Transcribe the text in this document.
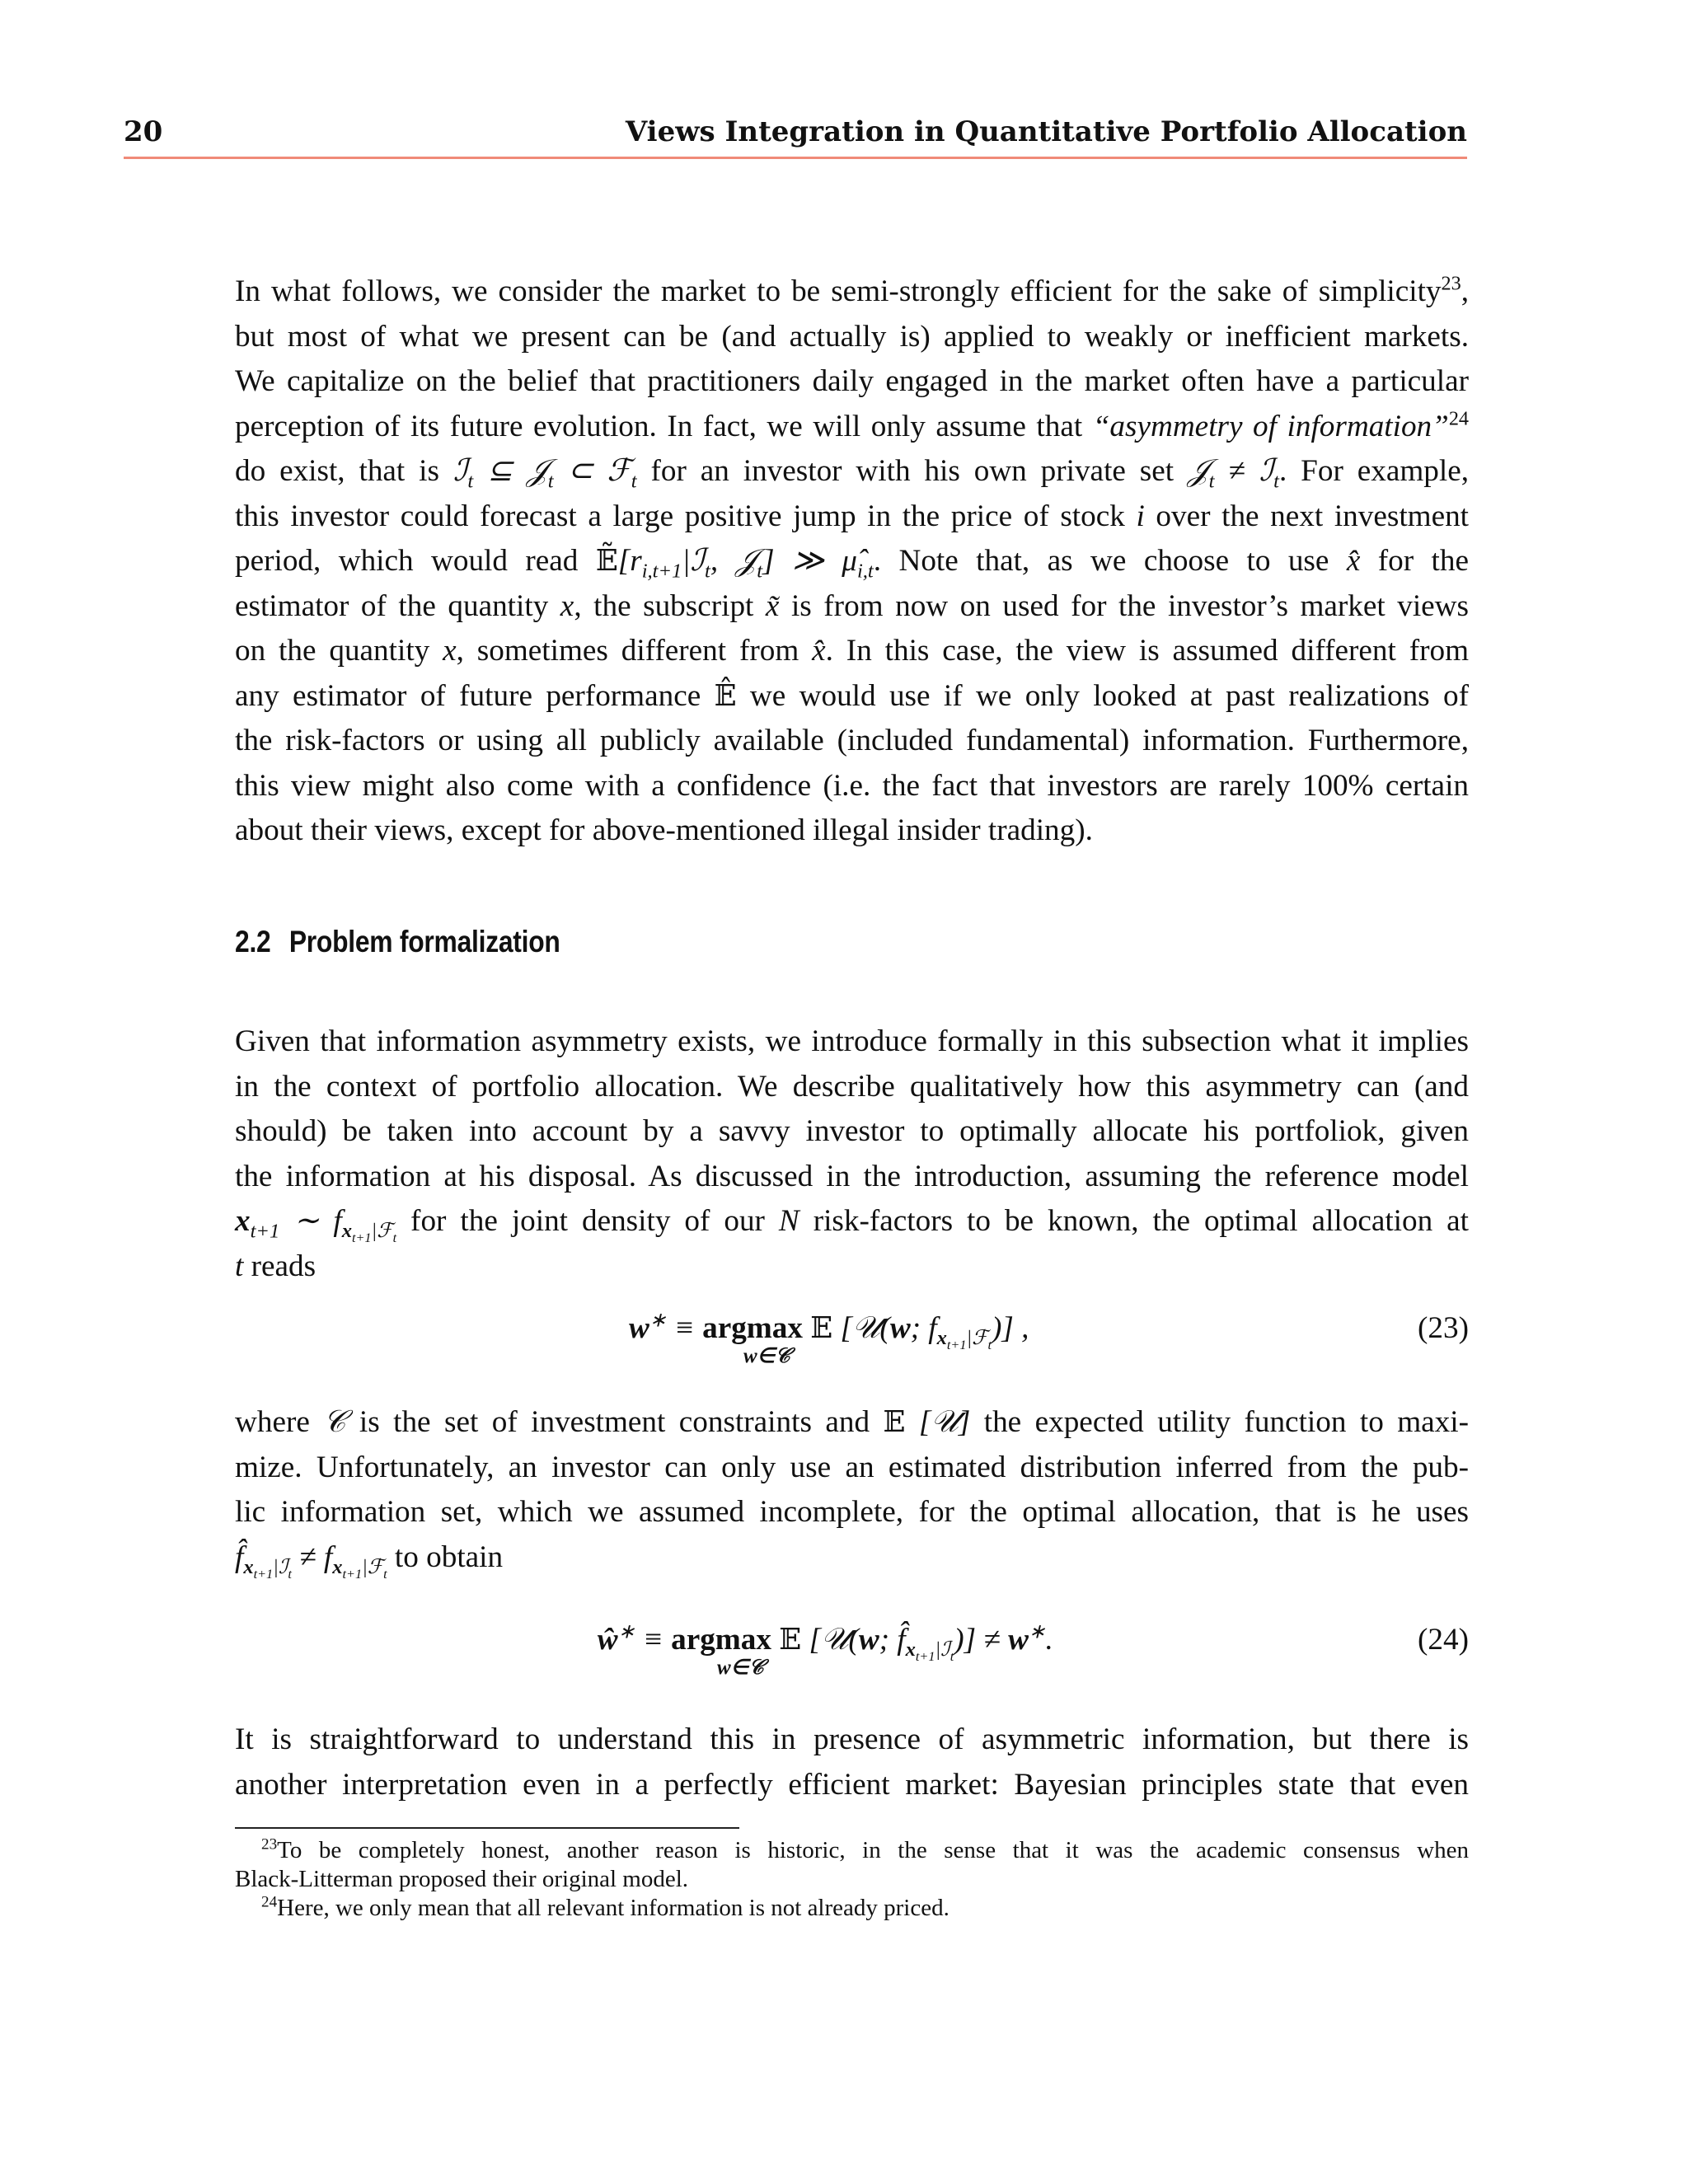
20	Views Integration in Quantitative Portfolio Allocation

In what follows, we consider the market to be semi-strongly efficient for the sake of simplicity$^{23}$,
but most of what we present can be (and actually is) applied to weakly or inefficient markets.
We capitalize on the belief that practitioners daily engaged in the market often have a particular
perception of its future evolution. In fact, we will only assume that “asymmetry of information”$^{24}$
do exist, that is ℐ$_t$ ⊆ 𝒥$_t$ ⊂ ℱ$_t$ for an investor with his own private set 𝒥$_t$ ≠ ℐ$_t$. For example,
this investor could forecast a large positive jump in the price of stock i over the next investment
period, which would read $𝔼̃[r_{i,t+1}|ℐ_t$, 𝒥$_t$] ≫ $\mû_{i,t}$. Note that, as we choose to use x̂ for the
estimator of the quantity x, the subscript x̃ is from now on used for the investor’s market views
on the quantity x, sometimes different from x̂. In this case, the view is assumed different from
any estimator of future performance 𝔼̂ we would use if we only looked at past realizations of
the risk-factors or using all publicly available (included fundamental) information. Furthermore,
this view might also come with a confidence (i.e. the fact that investors are rarely 100% certain
about their views, except for above-mentioned illegal insider trading).

2.2 Problem formalization

Given that information asymmetry exists, we introduce formally in this subsection what it implies
in the context of portfolio allocation. We describe qualitatively how this asymmetry can (and
should) be taken into account by a savvy investor to optimally allocate his portfoliok, given
the information at his disposal. As discussed in the introduction, assuming the reference model
$x_{t+1}$ ∼ $f_{x_{t+1}|ℱ_t}$ for the joint density of our N risk-factors to be known, the optimal allocation at
t reads

w∗ ≡ argmax 𝔼 [𝒰(w; $f_{x_{t+1}|ℱ_t}$)] ,
w∈𝒞
(23)

where 𝒞 is the set of investment constraints and 𝔼 [𝒰] the expected utility function to maxi-
mize. Unfortunately, an investor can only use an estimated distribution inferred from the pub-
lic information set, which we assumed incomplete, for the optimal allocation, that is he uses
$f̂_{x_{t+1}|ℐ_t} \ne f_{x_{t+1}|ℱ_t}$ to obtain

ŵ∗ ≡ argmax 𝔼 [𝒰(w; $f̂_{x_{t+1}|ℐ_t})] \ne w^∗$.
w∈𝒞
(24)

It is straightforward to understand this in presence of asymmetric information, but there is
another interpretation even in a perfectly efficient market: Bayesian principles state that even

$^{23}$To be completely honest, another reason is historic, in the sense that it was the academic consensus when
Black-Litterman proposed their original model.

$^{24}$Here, we only mean that all relevant information is not already priced.
